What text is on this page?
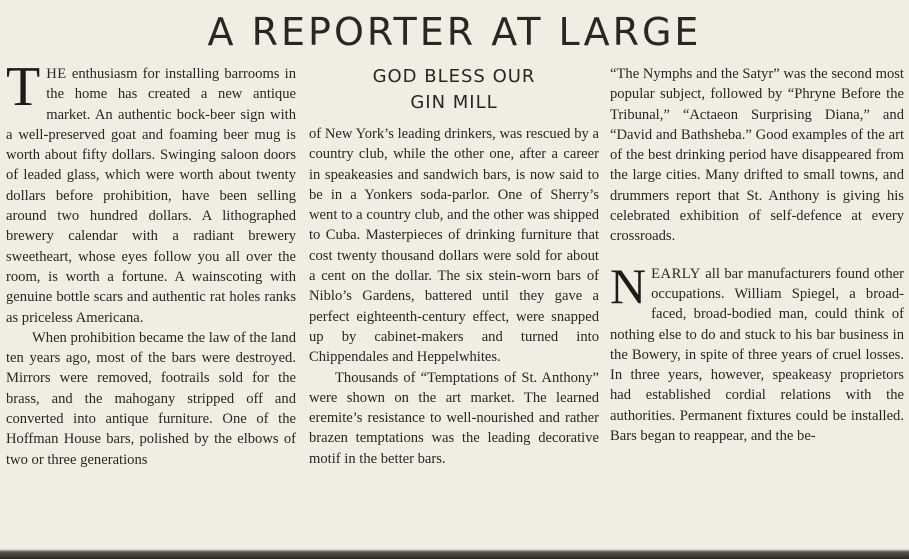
A REPORTER AT LARGE

THE enthusiasm for installing barrooms in the home has created a new antique market. An authentic bock-beer sign with a well-preserved goat and foaming beer mug is worth about fifty dollars. Swinging saloon doors of leaded glass, which were worth about twenty dollars before prohibition, have been selling around two hundred dollars. A lithographed brewery calendar with a radiant brewery sweetheart, whose eyes follow you all over the room, is worth a fortune. A wainscoting with genuine bottle scars and authentic rat holes ranks as priceless Americana.

When prohibition became the law of the land ten years ago, most of the bars were destroyed. Mirrors were removed, footrails sold for the brass, and the mahogany stripped off and converted into antique furniture. One of the Hoffman House bars, polished by the elbows of two or three generations

GOD BLESS OUR
GIN MILL

of New York’s leading drinkers, was rescued by a country club, while the other one, after a career in speakeasies and sandwich bars, is now said to be in a Yonkers soda-parlor. One of Sherry’s went to a country club, and the other was shipped to Cuba. Masterpieces of drinking furniture that cost twenty thousand dollars were sold for about a cent on the dollar. The six stein-worn bars of Niblo’s Gardens, battered until they gave a perfect eighteenth-century effect, were snapped up by cabinet-makers and turned into Chippendales and Heppelwhites.

Thousands of “Temptations of St. Anthony” were shown on the art market. The learned eremite’s resistance to well-nourished and rather brazen temptations was the leading decorative motif in the better bars.

“The Nymphs and the Satyr” was the second most popular subject, followed by “Phryne Before the Tribunal,” “Actaeon Surprising Diana,” and “David and Bathsheba.” Good examples of the art of the best drinking period have disappeared from the large cities. Many drifted to small towns, and drummers report that St. Anthony is giving his celebrated exhibition of self-defence at every crossroads.

NEARLY all bar manufacturers found other occupations. William Spiegel, a broad-faced, broad-bodied man, could think of nothing else to do and stuck to his bar business in the Bowery, in spite of three years of cruel losses. In three years, however, speakeasy proprietors had established cordial relations with the authorities. Permanent fixtures could be installed. Bars began to reappear, and the be-
